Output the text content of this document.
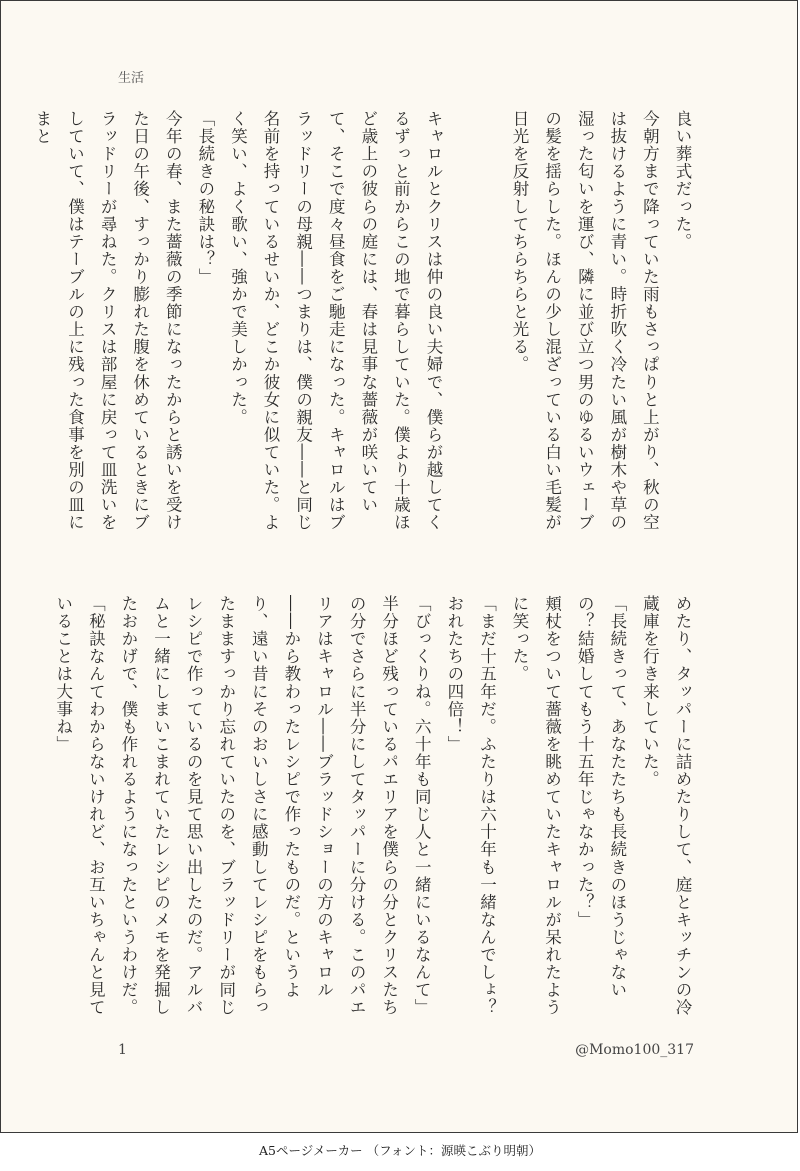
生活

良い葬式だった。

今朝方まで降っていた雨もさっぱりと上がり、秋の空は抜けるように青い。時折吹く冷たい風が樹木や草の湿った匂いを運び、隣に並び立つ男のゆるいウェーブの髪を揺らした。ほんの少し混ざっている白い毛髪が日光を反射してちらちらと光る。

キャロルとクリスは仲の良い夫婦で、僕らが越してくるずっと前からこの地で暮らしていた。僕より十歳ほど歳上の彼らの庭には、春は見事な薔薇が咲いていて、そこで度々昼食をご馳走になった。キャロルはブラッドリーの母親――つまりは、僕の親友――と同じ名前を持っているせいか、どこか彼女に似ていた。よく笑い、よく歌い、強かで美しかった。

「長続きの秘訣は？」

今年の春、また薔薇の季節になったからと誘いを受けた日の午後、すっかり膨れた腹を休めているときにブラッドリーが尋ねた。クリスは部屋に戻って皿洗いをしていて、僕はテーブルの上に残った食事を別の皿にまと

めたり、タッパーに詰めたりして、庭とキッチンの冷蔵庫を行き来していた。

「長続きって、あなたたちも長続きのほうじゃないの？結婚してもう十五年じゃなかった？」

頬杖をついて薔薇を眺めていたキャロルが呆れたように笑った。

「まだ十五年だ。ふたりは六十年も一緒なんでしょ？おれたちの四倍！」

「びっくりね。六十年も同じ人と一緒にいるなんて」

半分ほど残っているパエリアを僕らの分とクリスたちの分でさらに半分にしてタッパーに分ける。このパエリアはキャロル――ブラッドショーの方のキャロル――から教わったレシピで作ったものだ。というより、遠い昔にそのおいしさに感動してレシピをもらったまますっかり忘れていたのを、ブラッドリーが同じレシピで作っているのを見て思い出したのだ。アルバムと一緒にしまいこまれていたレシピのメモを発掘したおかげで、僕も作れるようになったというわけだ。

「秘訣なんてわからないけれど、お互いちゃんと見ていることは大事ね」

1	@Momo100_317
A5ページメーカー （フォント：源暎こぶり明朝）
